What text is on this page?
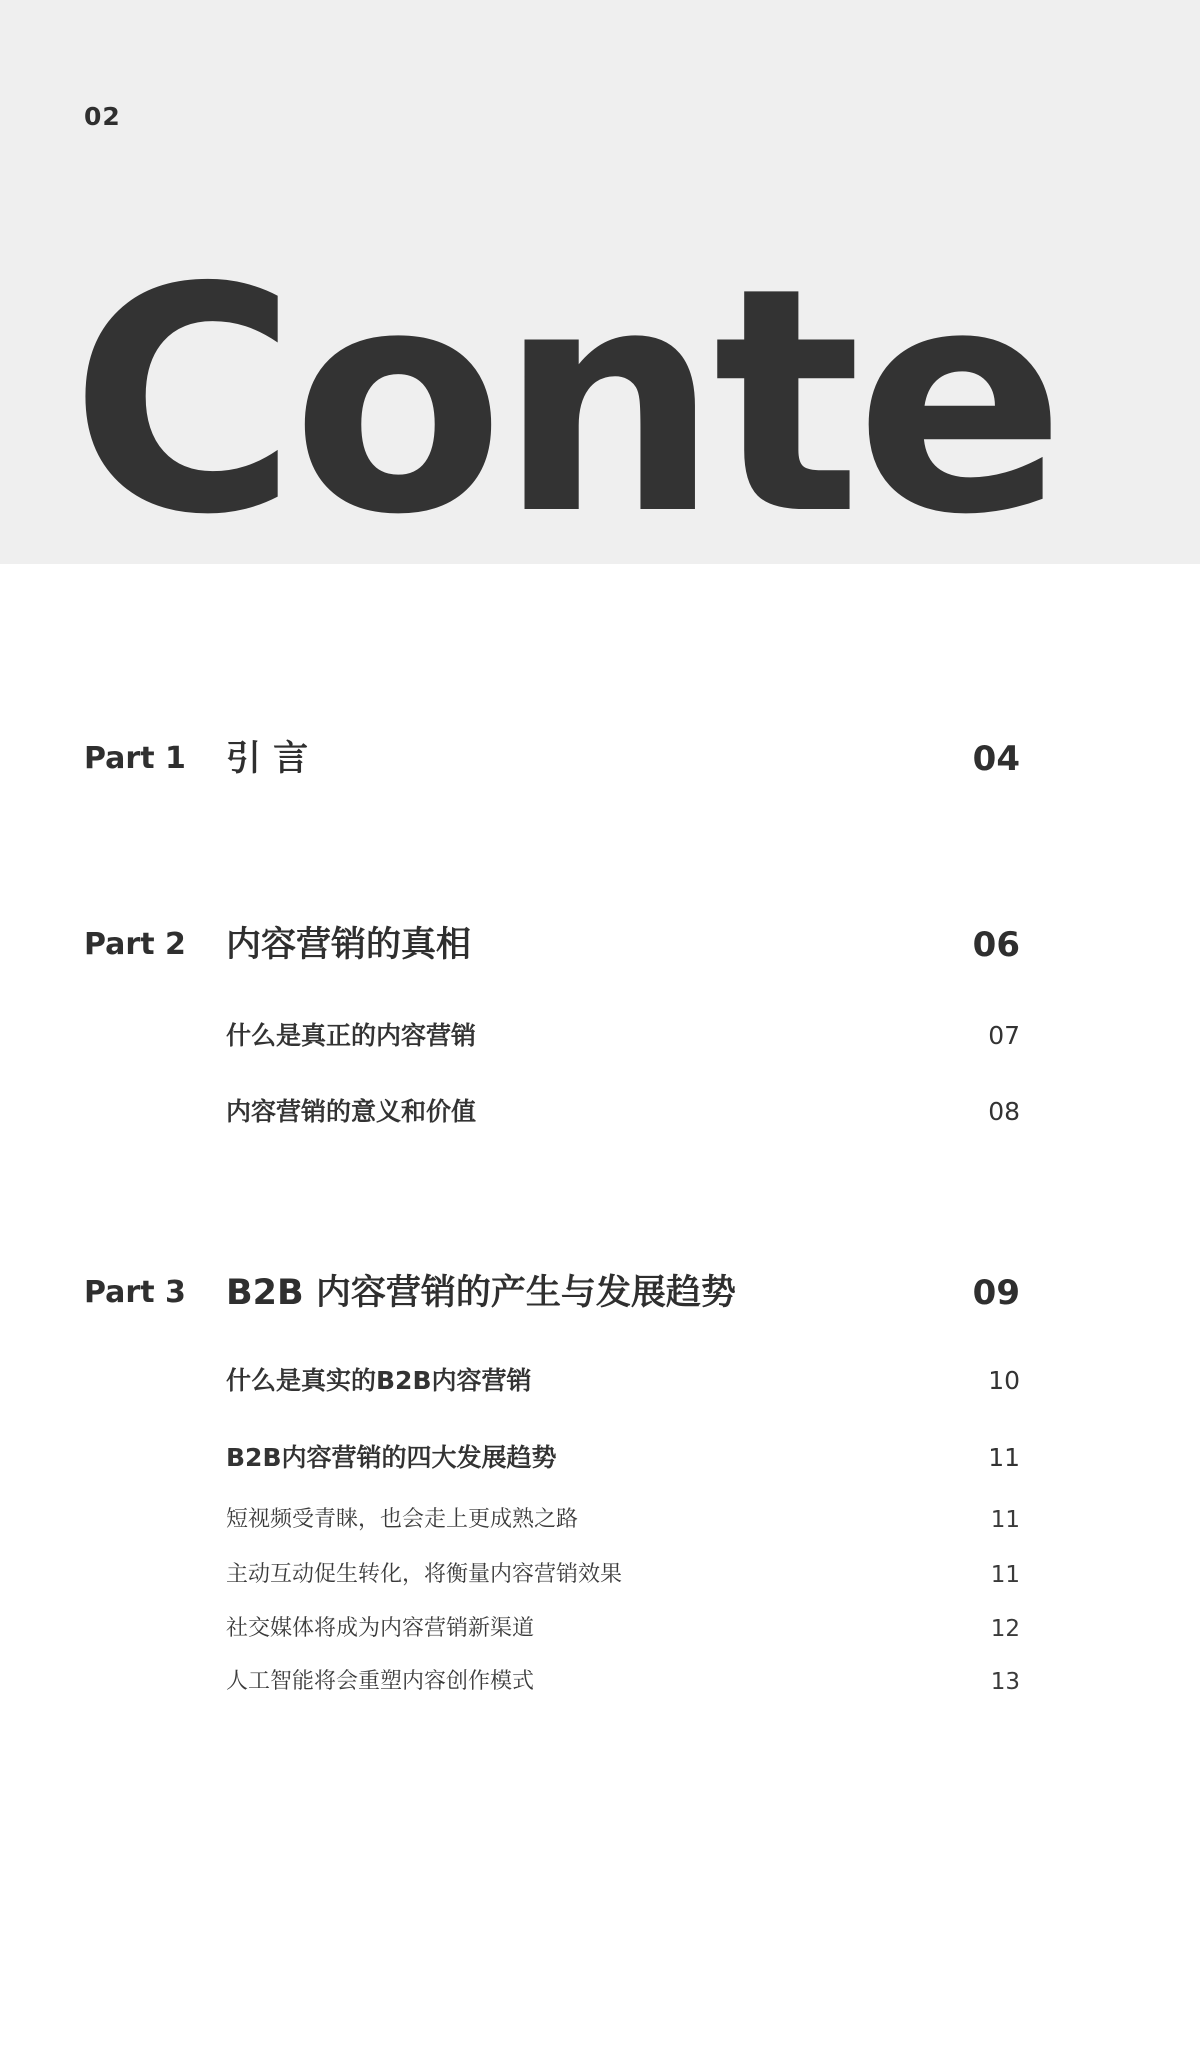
02
Conte
Part 1 引 言	04
Part 2 内容营销的真相	06
什么是真正的内容营销	07
内容营销的意义和价值	08
Part 3 B2B 内容营销的产生与发展趋势	09
什么是真实的B2B内容营销	10
B2B内容营销的四大发展趋势	11
短视频受青睐，也会走上更成熟之路	11
主动互动促生转化，将衡量内容营销效果	11
社交媒体将成为内容营销新渠道	12
人工智能将会重塑内容创作模式	13
